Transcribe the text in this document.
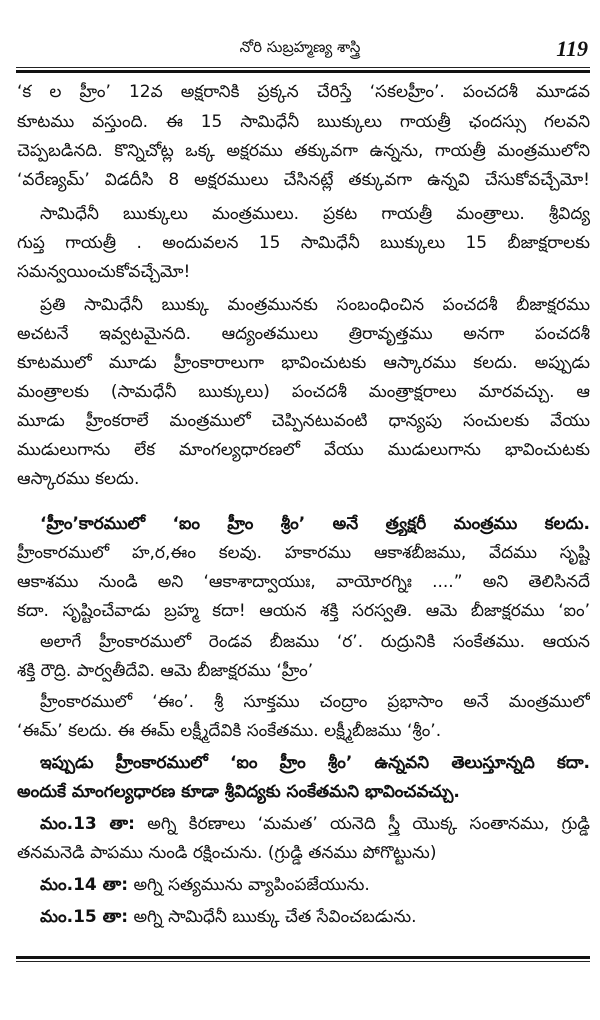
నోరి సుబ్రహ్మణ్య శాస్త్రి	119
‘క ల హ్రీం’ 12వ అక్షరానికి ప్రక్కన చేరిస్తే ‘సకలహ్రీం’. పంచదశీ మూడవ
కూటము వస్తుంది. ఈ 15 సామిధేనీ ఋక్కులు గాయత్రీ ఛందస్సు గలవని
చెప్పబడినది. కొన్నిచోట్ల ఒక్క అక్షరము తక్కువగా ఉన్నను, గాయత్రీ మంత్రములోని
‘వరేణ్యమ్’ విడదీసి 8 అక్షరములు చేసినట్లే తక్కువగా ఉన్నవి చేసుకోవచ్చేమో!
సామిధేనీ ఋక్కులు మంత్రములు. ప్రకట గాయత్రీ మంత్రాలు. శ్రీవిద్య
గుప్త గాయత్రీ . అందువలన 15 సామిధేనీ ఋక్కులు 15 బీజాక్షరాలకు
సమన్వయించుకోవచ్చేమో!
ప్రతి సామిధేనీ ఋక్కు మంత్రమునకు సంబంధించిన పంచదశీ బీజాక్షరము
అచటనే ఇవ్వటమైనది. ఆద్యంతములు త్రిరావృత్తము అనగా పంచదశీ
కూటములో మూడు హ్రీంకారాలుగా భావించుటకు ఆస్కారము కలదు. అప్పుడు
మంత్రాలకు (సామధేనీ ఋక్కులు) పంచదశీ మంత్రాక్షరాలు మారవచ్చు. ఆ
మూడు హ్రీంకరాలే మంత్రములో చెప్పినటువంటి ధాన్యపు సంచులకు వేయు
ముడులుగాను లేక మాంగల్యధారణలో వేయు ముడులుగాను భావించుటకు
ఆస్కారము కలదు.
‘హ్రీం’కారములో ‘ఐం హ్రీం శ్రీం’ అనే త్ర్యక్షరీ మంత్రము కలదు.
హ్రీంకారములో హ,ర,ఈం కలవు. హకారము ఆకాశబీజము, వేదము సృష్టి
ఆకాశము నుండి అని ‘ఆకాశాద్వాయుః, వాయోరగ్నిః ....” అని తెలిసినదే
కదా. సృష్టించేవాడు బ్రహ్మ కదా! ఆయన శక్తి సరస్వతి. ఆమె బీజాక్షరము ‘ఐం’
అలాగే హ్రీంకారములో రెండవ బీజము ‘ర’. రుద్రునికి సంకేతము. ఆయన
శక్తి రౌద్రి. పార్వతీదేవి. ఆమె బీజాక్షరము ‘హ్రీం’
హ్రీంకారములో ‘ఈం’. శ్రీ సూక్తము చంద్రాం ప్రభాసాం అనే మంత్రములో
‘ఈమ్’ కలదు. ఈ ఈమ్ లక్ష్మీదేవికి సంకేతము. లక్ష్మీబీజము ‘శ్రీం’.
ఇప్పుడు హ్రీంకారములో ‘ఐం హ్రీం శ్రీం’ ఉన్నవని తెలుస్తూన్నది కదా.
అందుకే మాంగల్యధారణ కూడా శ్రీవిద్యకు సంకేతమని భావించవచ్చు.
మం.13 తా: అగ్ని కిరణాలు ‘మమత’ యనెది స్త్రీ యొక్క సంతానము, గ్రుడ్డి
తనమనెడి పాపము నుండి రక్షించును. (గ్రుడ్డి తనము పోగొట్టును)
మం.14 తా: అగ్ని సత్యమును వ్యాపింపజేయును.
మం.15 తా: అగ్ని సామిధేనీ ఋక్కు చేత సేవించబడును.
